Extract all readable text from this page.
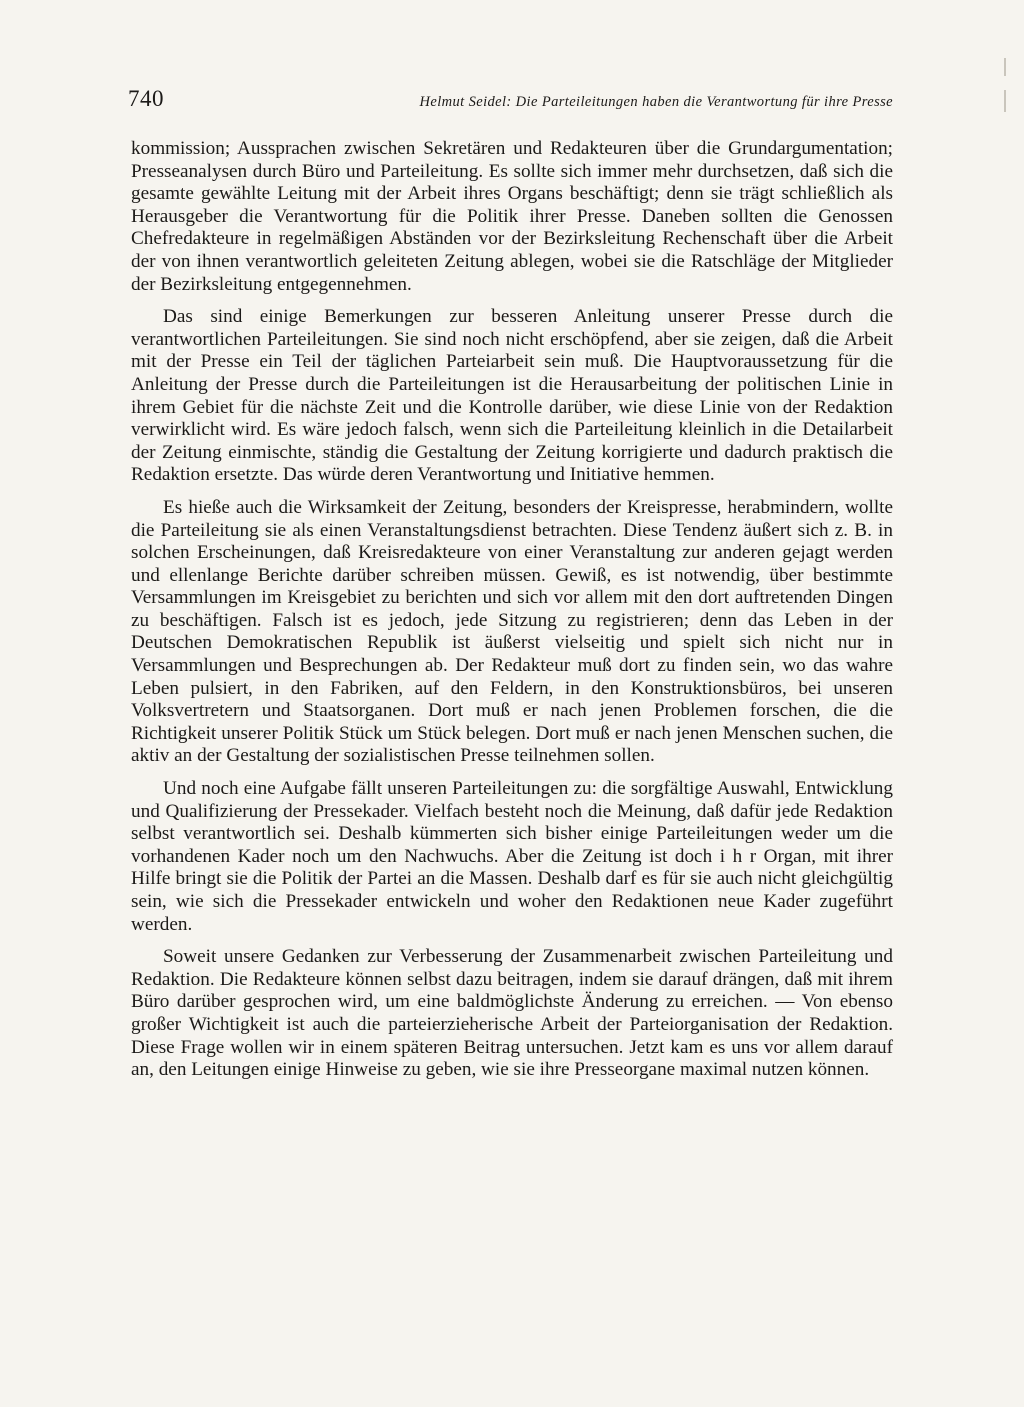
740	Helmut Seidel: Die Parteileitungen haben die Verantwortung für ihre Presse

kommission; Aussprachen zwischen Sekretären und Redakteuren über die Grundargumentation; Presseanalysen durch Büro und Parteileitung. Es sollte sich immer mehr durchsetzen, daß sich die gesamte gewählte Leitung mit der Arbeit ihres Organs beschäftigt; denn sie trägt schließlich als Herausgeber die Verantwortung für die Politik ihrer Presse. Daneben sollten die Genossen Chefredakteure in regelmäßigen Abständen vor der Bezirksleitung Rechenschaft über die Arbeit der von ihnen verantwortlich geleiteten Zeitung ablegen, wobei sie die Ratschläge der Mitglieder der Bezirksleitung entgegennehmen.

Das sind einige Bemerkungen zur besseren Anleitung unserer Presse durch die verantwortlichen Parteileitungen. Sie sind noch nicht erschöpfend, aber sie zeigen, daß die Arbeit mit der Presse ein Teil der täglichen Parteiarbeit sein muß. Die Hauptvoraussetzung für die Anleitung der Presse durch die Parteileitungen ist die Herausarbeitung der politischen Linie in ihrem Gebiet für die nächste Zeit und die Kontrolle darüber, wie diese Linie von der Redaktion verwirklicht wird. Es wäre jedoch falsch, wenn sich die Parteileitung kleinlich in die Detailarbeit der Zeitung einmischte, ständig die Gestaltung der Zeitung korrigierte und dadurch praktisch die Redaktion ersetzte. Das würde deren Verantwortung und Initiative hemmen.

Es hieße auch die Wirksamkeit der Zeitung, besonders der Kreispresse, herabmindern, wollte die Parteileitung sie als einen Veranstaltungsdienst betrachten. Diese Tendenz äußert sich z. B. in solchen Erscheinungen, daß Kreisredakteure von einer Veranstaltung zur anderen gejagt werden und ellenlange Berichte darüber schreiben müssen. Gewiß, es ist notwendig, über bestimmte Versammlungen im Kreisgebiet zu berichten und sich vor allem mit den dort auftretenden Dingen zu beschäftigen. Falsch ist es jedoch, jede Sitzung zu registrieren; denn das Leben in der Deutschen Demokratischen Republik ist äußerst vielseitig und spielt sich nicht nur in Versammlungen und Besprechungen ab. Der Redakteur muß dort zu finden sein, wo das wahre Leben pulsiert, in den Fabriken, auf den Feldern, in den Konstruktionsbüros, bei unseren Volksvertretern und Staatsorganen. Dort muß er nach jenen Problemen forschen, die die Richtigkeit unserer Politik Stück um Stück belegen. Dort muß er nach jenen Menschen suchen, die aktiv an der Gestaltung der sozialistischen Presse teilnehmen sollen.

Und noch eine Aufgabe fällt unseren Parteileitungen zu: die sorgfältige Auswahl, Entwicklung und Qualifizierung der Pressekader. Vielfach besteht noch die Meinung, daß dafür jede Redaktion selbst verantwortlich sei. Deshalb kümmerten sich bisher einige Parteileitungen weder um die vorhandenen Kader noch um den Nachwuchs. Aber die Zeitung ist doch i h r Organ, mit ihrer Hilfe bringt sie die Politik der Partei an die Massen. Deshalb darf es für sie auch nicht gleichgültig sein, wie sich die Pressekader entwickeln und woher den Redaktionen neue Kader zugeführt werden.

Soweit unsere Gedanken zur Verbesserung der Zusammenarbeit zwischen Parteileitung und Redaktion. Die Redakteure können selbst dazu beitragen, indem sie darauf drängen, daß mit ihrem Büro darüber gesprochen wird, um eine baldmöglichste Änderung zu erreichen. — Von ebenso großer Wichtigkeit ist auch die parteierzieherische Arbeit der Parteiorganisation der Redaktion. Diese Frage wollen wir in einem späteren Beitrag untersuchen. Jetzt kam es uns vor allem darauf an, den Leitungen einige Hinweise zu geben, wie sie ihre Presseorgane maximal nutzen können.
